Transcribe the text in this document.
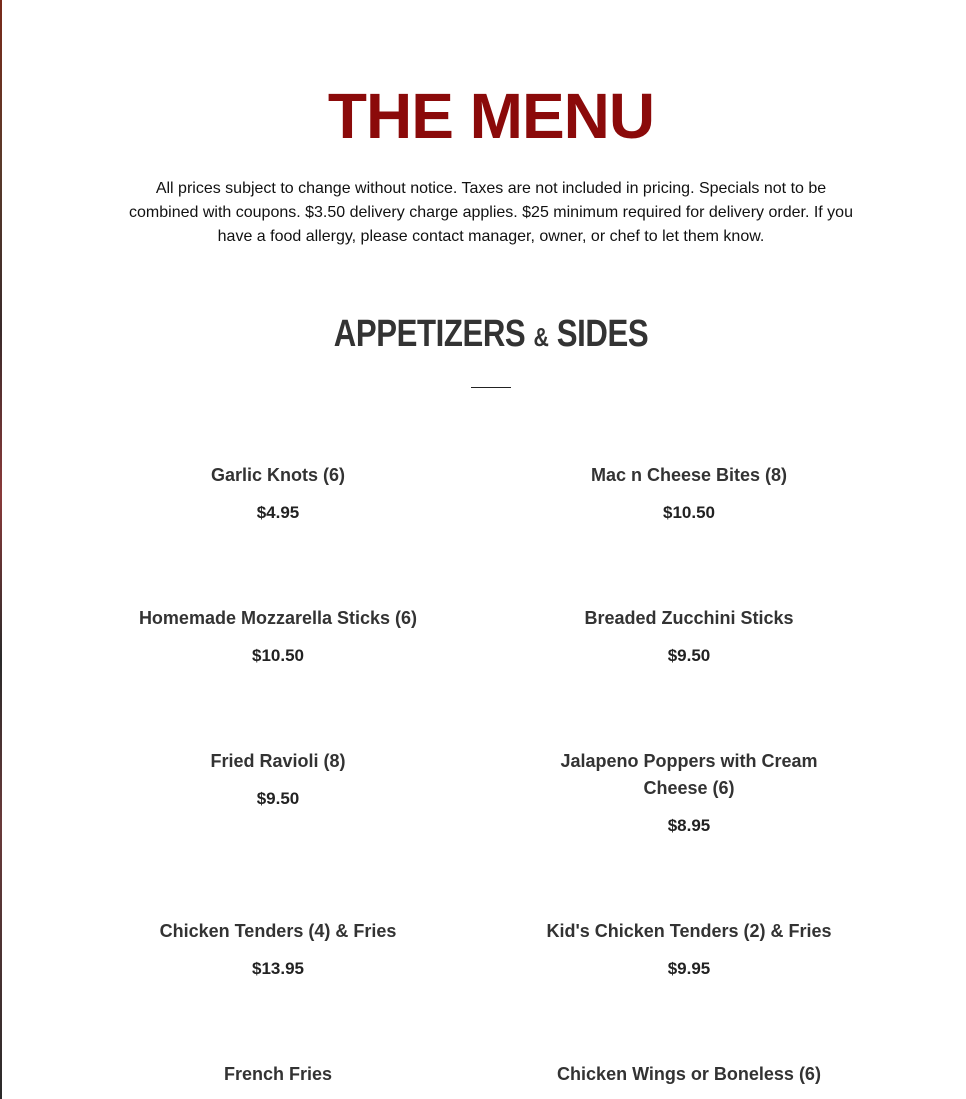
THE MENU

All prices subject to change without notice. Taxes are not included in pricing. Specials not to be combined with coupons. $3.50 delivery charge applies. $25 minimum required for delivery order. If you have a food allergy, please contact manager, owner, or chef to let them know.

APPETIZERS & SIDES

Garlic Knots (6)

$4.95

Mac n Cheese Bites (8)

$10.50

Homemade Mozzarella Sticks (6)

$10.50

Breaded Zucchini Sticks

$9.50

Fried Ravioli (8)

$9.50

Jalapeno Poppers with Cream Cheese (6)

$8.95

Chicken Tenders (4) & Fries

$13.95

Kid's Chicken Tenders (2) & Fries

$9.95

French Fries	Chicken Wings or Boneless (6)
